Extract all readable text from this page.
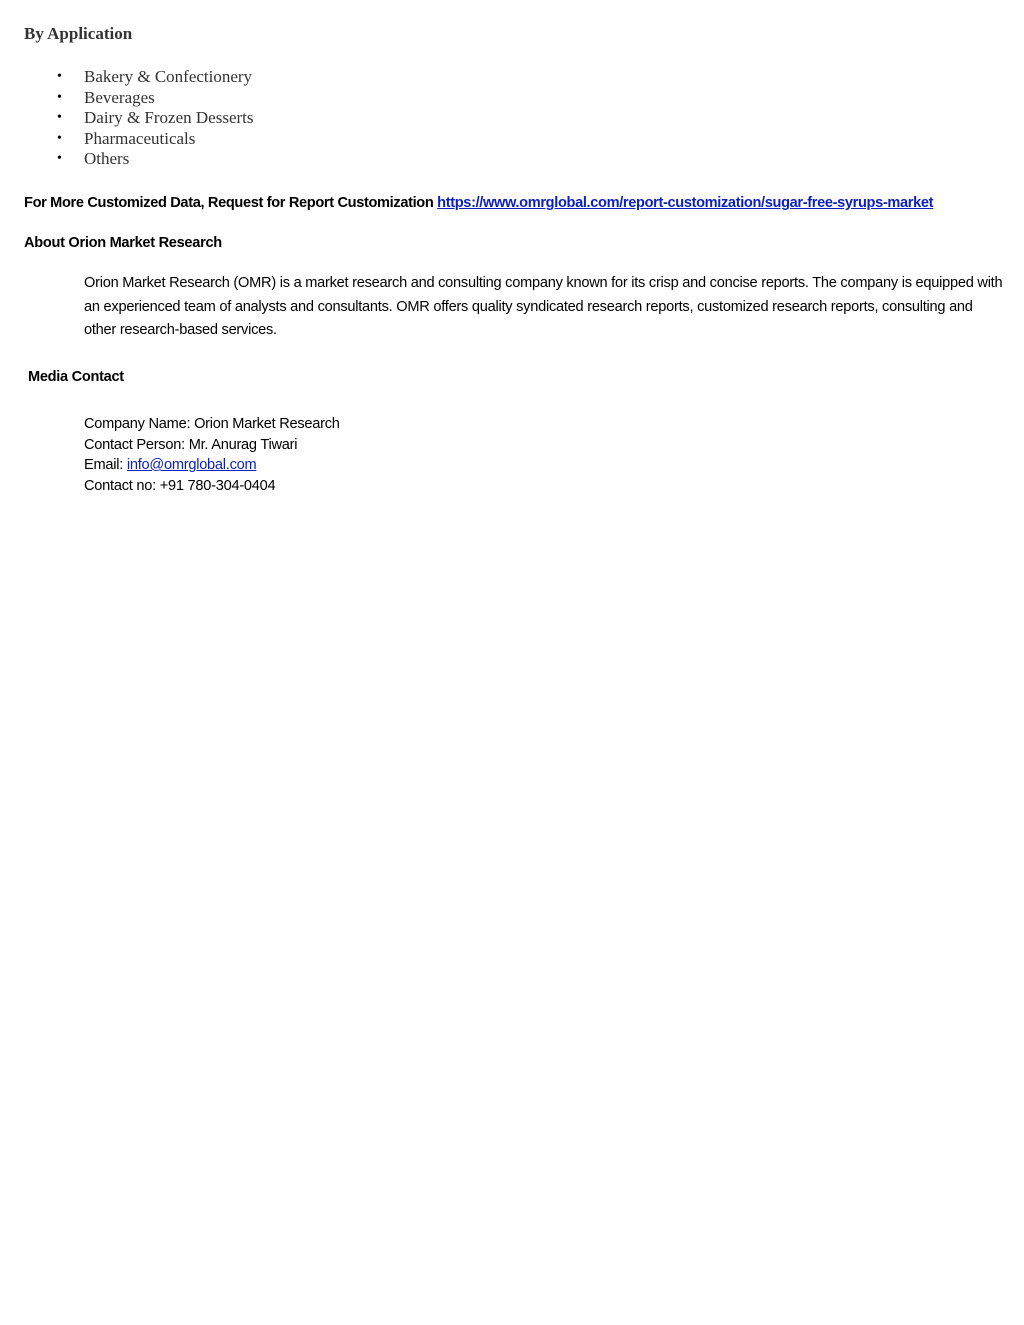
By Application
• Bakery & Confectionery
• Beverages
• Dairy & Frozen Desserts
• Pharmaceuticals
• Others
For More Customized Data, Request for Report Customization https://www.omrglobal.com/report-customization/sugar-free-syrups-market
About Orion Market Research

Orion Market Research (OMR) is a market research and consulting company known for its crisp and concise reports. The company is equipped with an experienced team of analysts and consultants. OMR offers quality syndicated research reports, customized research reports, consulting and other research-based services.

Media Contact
Company Name: Orion Market Research
Contact Person: Mr. Anurag Tiwari
Email: info@omrglobal.com
Contact no: +91 780-304-0404
